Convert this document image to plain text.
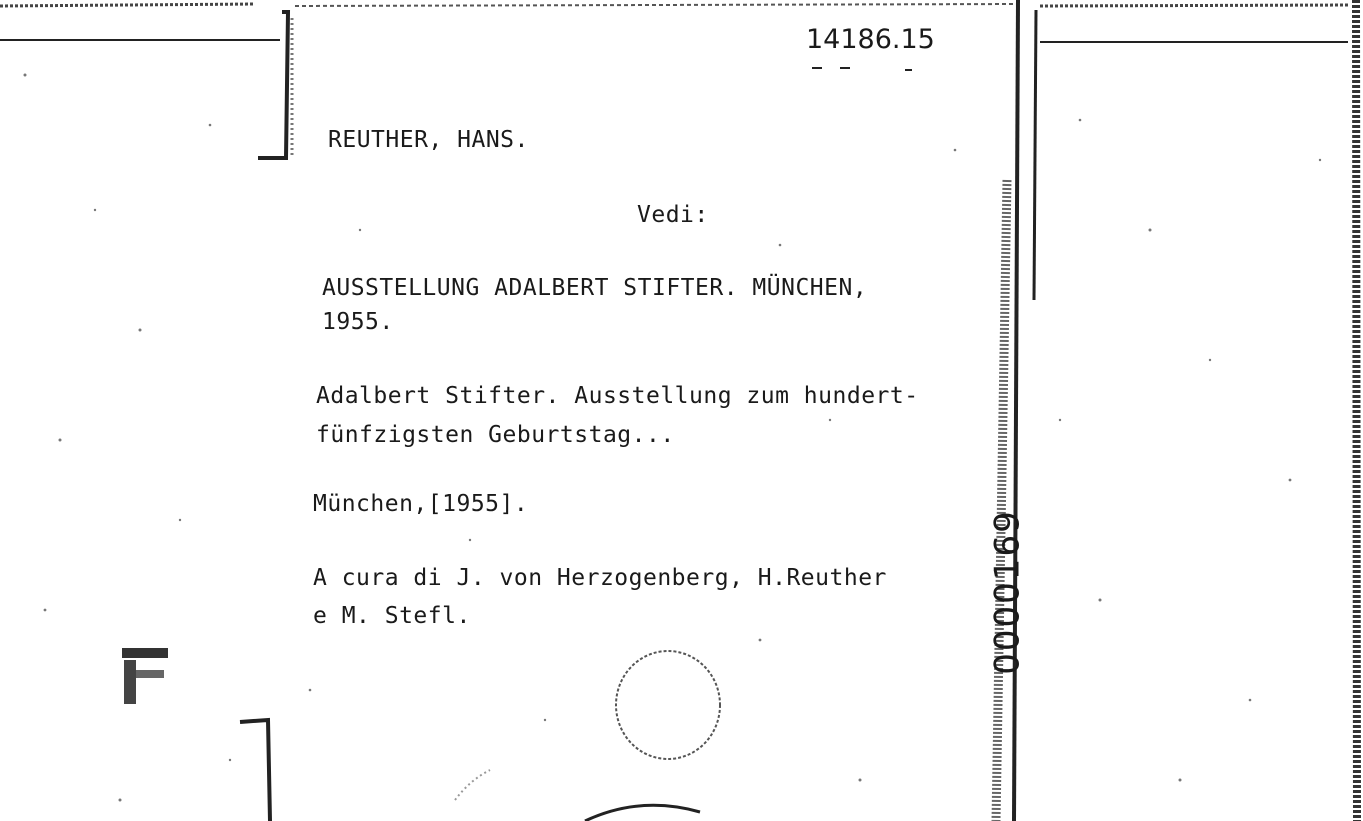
14186.15

REUTHER, HANS.

Vedi:

AUSSTELLUNG ADALBERT STIFTER. MÜNCHEN,

1955.

Adalbert Stifter. Ausstellung zum hundert-

fünfzigsten Geburtstag...

München,[1955].

A cura di J. von Herzogenberg, H.Reuther

e M. Stefl.	0000169
